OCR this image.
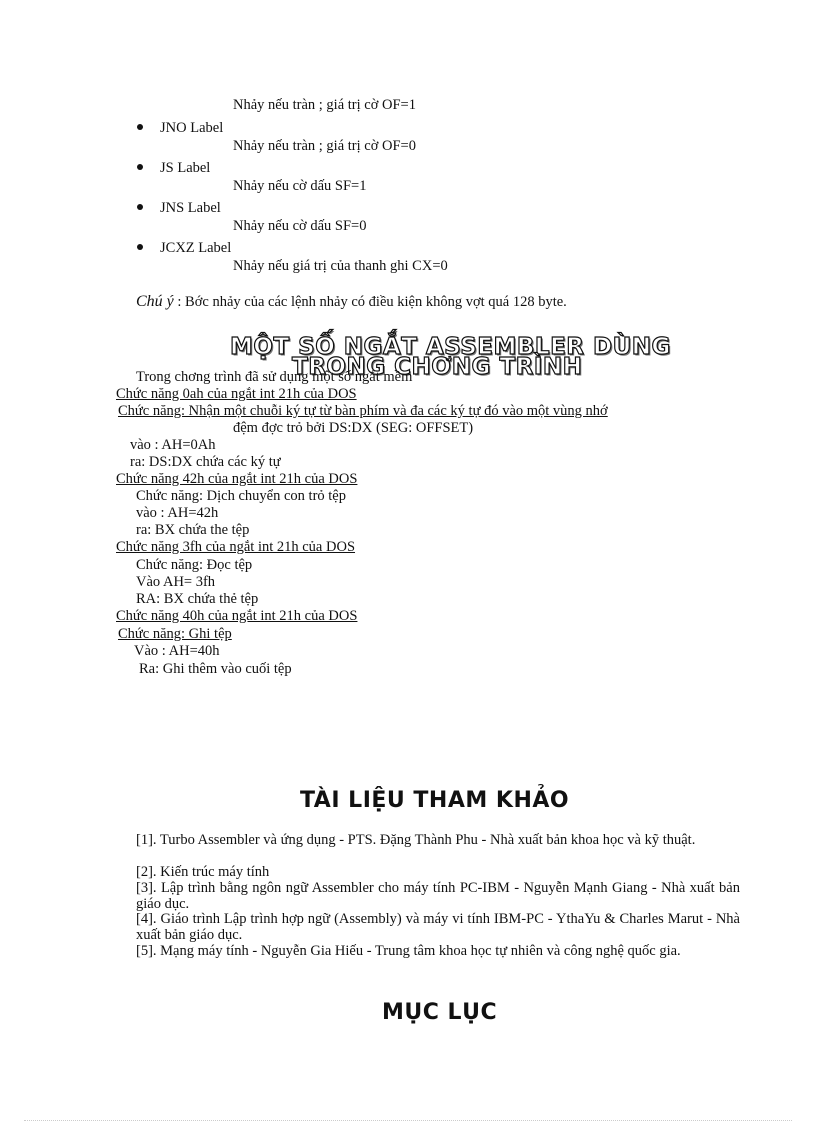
Nhảy nếu tràn ; giá trị cờ OF=1
JNO Label
Nhảy nếu tràn ; giá trị cờ OF=0
JS Label
Nhảy nếu cờ dấu SF=1
JNS Label
Nhảy nếu cờ dấu SF=0
JCXZ Label
Nhảy nếu giá trị của thanh ghi CX=0
Chú ý : Bớc nhảy của các lệnh nhảy có điều kiện không vợt quá 128 byte.
MỘT SỐ NGẮT ASSEMBLER DÙNG
TRONG CHƠNG TRÌNH
Trong chơng trình đã sử dụng một số ngắt mềm
Chức năng 0ah của ngắt int 21h của DOS
Chức năng: Nhận một chuỗi ký tự từ bàn phím và đa các ký tự đó vào một vùng nhớ
đệm đợc trỏ bởi DS:DX (SEG: OFFSET)
vào : AH=0Ah
ra: DS:DX chứa các ký tự
Chức năng 42h của ngắt int 21h của DOS
Chức năng: Dịch chuyển con trỏ tệp
vào : AH=42h
ra: BX chứa the tệp
Chức năng 3fh của ngắt int 21h của DOS
Chức năng: Đọc tệp
Vào AH= 3fh
RA: BX chứa thẻ tệp
Chức năng 40h của ngắt int 21h của DOS
Chức năng: Ghi tệp
Vào : AH=40h
Ra: Ghi thêm vào cuối tệp
TÀI LIỆU THAM KHẢO
[1]. Turbo Assembler và ứng dụng - PTS. Đặng Thành Phu - Nhà xuất bản khoa học và kỹ thuật.
[2]. Kiến trúc máy tính
[3]. Lập trình bằng ngôn ngữ Assembler cho máy tính PC-IBM - Nguyễn Mạnh Giang - Nhà xuất bản giáo dục.
[4]. Giáo trình Lập trình hợp ngữ (Assembly) và máy vi tính IBM-PC - YthaYu & Charles Marut - Nhà xuất bản giáo dục.
[5]. Mạng máy tính - Nguyễn Gia Hiếu - Trung tâm khoa học tự nhiên và công nghệ quốc gia.
MỤC LỤC
